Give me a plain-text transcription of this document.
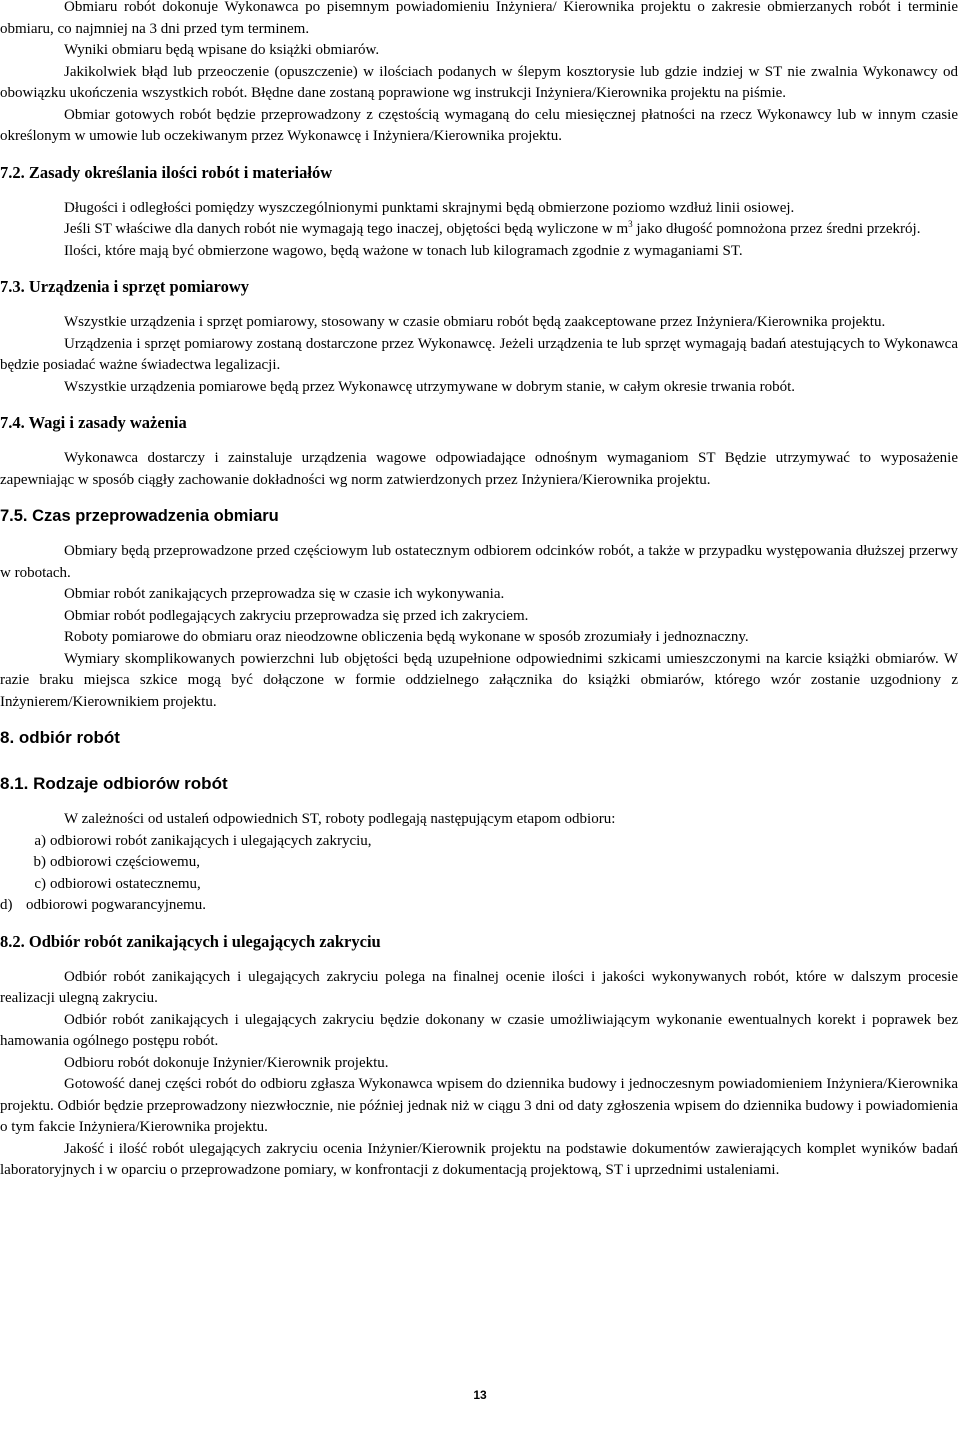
Obmiaru robót dokonuje Wykonawca po pisemnym powiadomieniu Inżyniera/ Kierownika projektu o zakresie obmierzanych robót i terminie obmiaru, co najmniej na 3 dni przed tym terminem.

Wyniki obmiaru będą wpisane do książki obmiarów.

Jakikolwiek błąd lub przeoczenie (opuszczenie) w ilościach podanych w ślepym kosztorysie lub gdzie indziej w ST nie zwalnia Wykonawcy od obowiązku ukończenia wszystkich robót. Błędne dane zostaną poprawione wg instrukcji Inżyniera/Kierownika projektu na piśmie.

Obmiar gotowych robót będzie przeprowadzony z częstością wymaganą do celu miesięcznej płatności na rzecz Wykonawcy lub w innym czasie określonym w umowie lub oczekiwanym przez Wykonawcę i Inżyniera/Kierownika projektu.

7.2. Zasady określania ilości robót i materiałów

Długości i odległości pomiędzy wyszczególnionymi punktami skrajnymi będą obmierzone poziomo wzdłuż linii osiowej.

Jeśli ST właściwe dla danych robót nie wymagają tego inaczej, objętości będą wyliczone w $m^3$ jako długość pomnożona przez średni przekrój.

Ilości, które mają być obmierzone wagowo, będą ważone w tonach lub kilogramach zgodnie z wymaganiami ST.

7.3. Urządzenia i sprzęt pomiarowy

Wszystkie urządzenia i sprzęt pomiarowy, stosowany w czasie obmiaru robót będą zaakceptowane przez Inżyniera/Kierownika projektu.

Urządzenia i sprzęt pomiarowy zostaną dostarczone przez Wykonawcę. Jeżeli urządzenia te lub sprzęt wymagają badań atestujących to Wykonawca będzie posiadać ważne świadectwa legalizacji.

Wszystkie urządzenia pomiarowe będą przez Wykonawcę utrzymywane w dobrym stanie, w całym okresie trwania robót.

7.4. Wagi i zasady ważenia

Wykonawca dostarczy i zainstaluje urządzenia wagowe odpowiadające odnośnym wymaganiom ST Będzie utrzymywać to wyposażenie zapewniając w sposób ciągły zachowanie dokładności wg norm zatwierdzonych przez Inżyniera/Kierownika projektu.

7.5. Czas przeprowadzenia obmiaru

Obmiary będą przeprowadzone przed częściowym lub ostatecznym odbiorem odcinków robót, a także w przypadku występowania dłuższej przerwy w robotach.

Obmiar robót zanikających przeprowadza się w czasie ich wykonywania.

Obmiar robót podlegających zakryciu przeprowadza się przed ich zakryciem.

Roboty pomiarowe do obmiaru oraz nieodzowne obliczenia będą wykonane w sposób zrozumiały i jednoznaczny.

Wymiary skomplikowanych powierzchni lub objętości będą uzupełnione odpowiednimi szkicami umieszczonymi na karcie książki obmiarów. W razie braku miejsca szkice mogą być dołączone w formie oddzielnego załącznika do książki obmiarów, którego wzór zostanie uzgodniony z Inżynierem/Kierownikiem projektu.

8. odbiór robót
8.1. Rodzaje odbiorów robót

W zależności od ustaleń odpowiednich ST, roboty podlegają następującym etapom odbioru:

a) odbiorowi robót zanikających i ulegających zakryciu,
b) odbiorowi częściowemu,
c) odbiorowi ostatecznemu,
d) odbiorowi pogwarancyjnemu.
8.2. Odbiór robót zanikających i ulegających zakryciu

Odbiór robót zanikających i ulegających zakryciu polega na finalnej ocenie ilości i jakości wykonywanych robót, które w dalszym procesie realizacji ulegną zakryciu.

Odbiór robót zanikających i ulegających zakryciu będzie dokonany w czasie umożliwiającym wykonanie ewentualnych korekt i poprawek bez hamowania ogólnego postępu robót.

Odbioru robót dokonuje Inżynier/Kierownik projektu.

Gotowość danej części robót do odbioru zgłasza Wykonawca wpisem do dziennika budowy i jednoczesnym powiadomieniem Inżyniera/Kierownika projektu. Odbiór będzie przeprowadzony niezwłocznie, nie później jednak niż w ciągu 3 dni od daty zgłoszenia wpisem do dziennika budowy i powiadomienia o tym fakcie Inżyniera/Kierownika projektu.

Jakość i ilość robót ulegających zakryciu ocenia Inżynier/Kierownik projektu na podstawie dokumentów zawierających komplet wyników badań laboratoryjnych i w oparciu o przeprowadzone pomiary, w konfrontacji z dokumentacją projektową, ST i uprzednimi ustaleniami.

13
